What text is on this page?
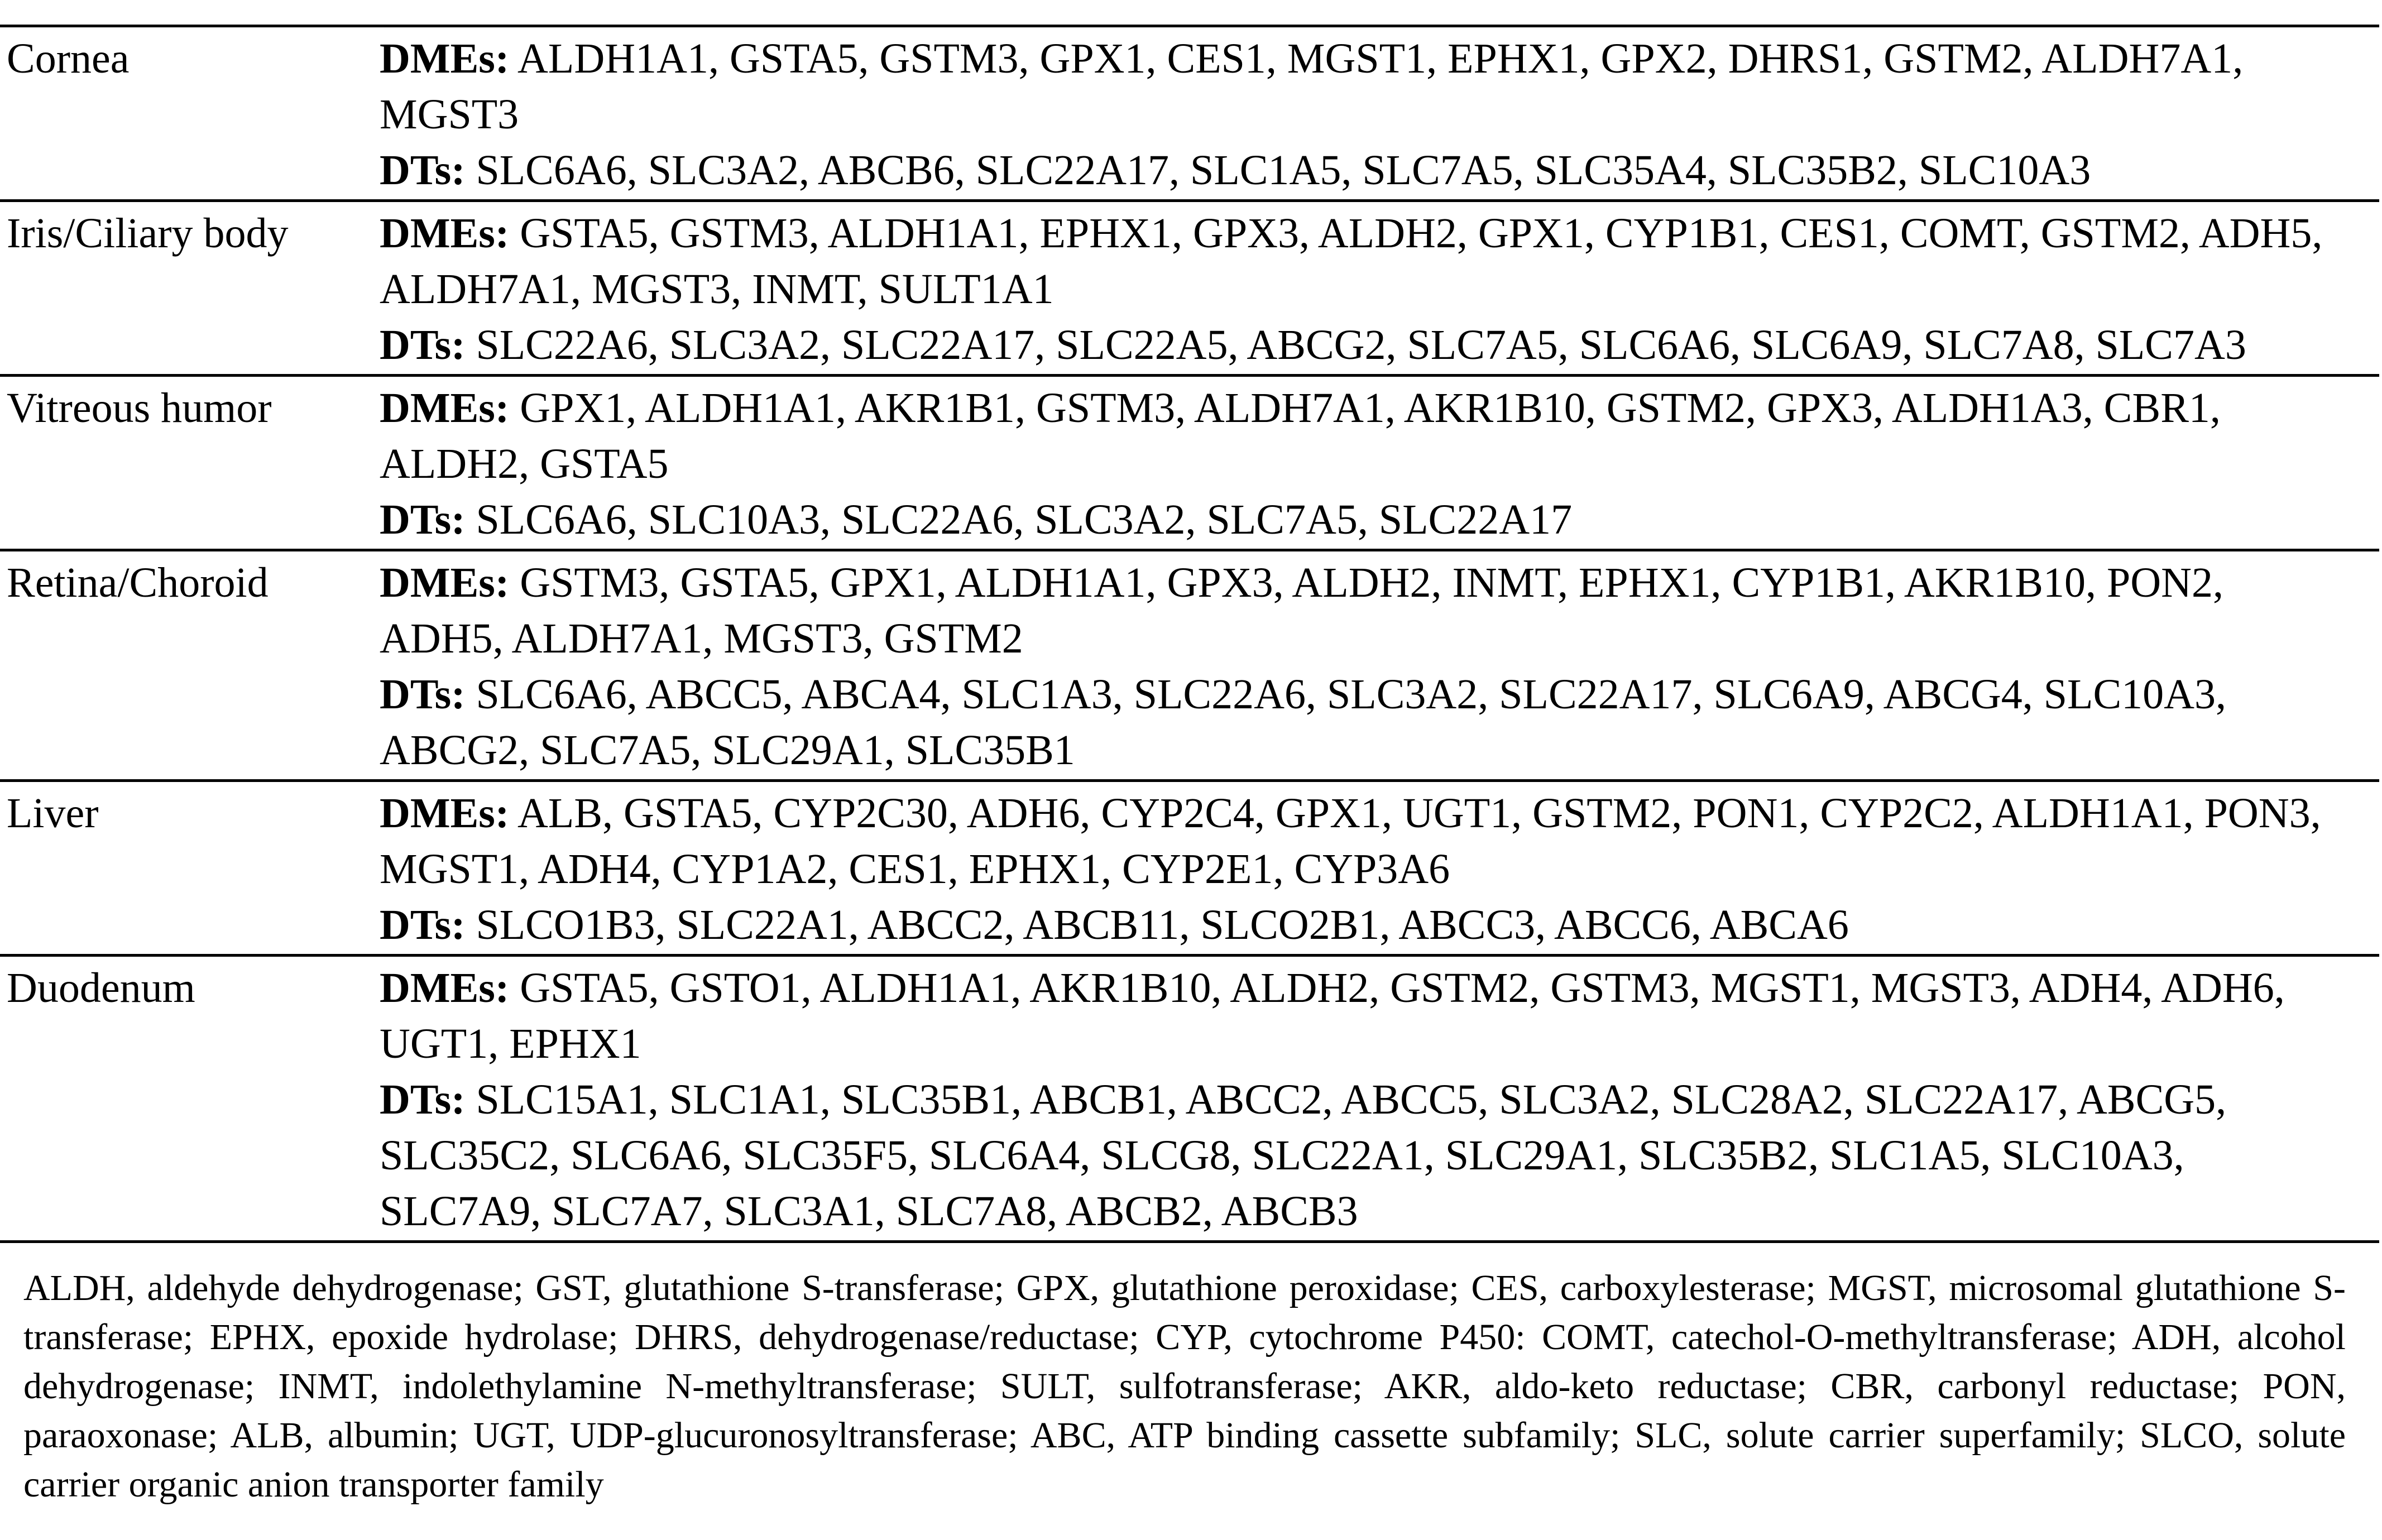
Cornea	DMEs: ALDH1A1, GSTA5, GSTM3, GPX1, CES1, MGST1, EPHX1, GPX2, DHRS1, GSTM2, ALDH7A1, MGST3
DTs: SLC6A6, SLC3A2, ABCB6, SLC22A17, SLC1A5, SLC7A5, SLC35A4, SLC35B2, SLC10A3
Iris/Ciliary body	DMEs: GSTA5, GSTM3, ALDH1A1, EPHX1, GPX3, ALDH2, GPX1, CYP1B1, CES1, COMT, GSTM2, ADH5, ALDH7A1, MGST3, INMT, SULT1A1
DTs: SLC22A6, SLC3A2, SLC22A17, SLC22A5, ABCG2, SLC7A5, SLC6A6, SLC6A9, SLC7A8, SLC7A3
Vitreous humor	DMEs: GPX1, ALDH1A1, AKR1B1, GSTM3, ALDH7A1, AKR1B10, GSTM2, GPX3, ALDH1A3, CBR1, ALDH2, GSTA5
DTs: SLC6A6, SLC10A3, SLC22A6, SLC3A2, SLC7A5, SLC22A17
Retina/Choroid	DMEs: GSTM3, GSTA5, GPX1, ALDH1A1, GPX3, ALDH2, INMT, EPHX1, CYP1B1, AKR1B10, PON2, ADH5, ALDH7A1, MGST3, GSTM2
DTs: SLC6A6, ABCC5, ABCA4, SLC1A3, SLC22A6, SLC3A2, SLC22A17, SLC6A9, ABCG4, SLC10A3, ABCG2, SLC7A5, SLC29A1, SLC35B1
Liver	DMEs: ALB, GSTA5, CYP2C30, ADH6, CYP2C4, GPX1, UGT1, GSTM2, PON1, CYP2C2, ALDH1A1, PON3, MGST1, ADH4, CYP1A2, CES1, EPHX1, CYP2E1, CYP3A6
DTs: SLCO1B3, SLC22A1, ABCC2, ABCB11, SLCO2B1, ABCC3, ABCC6, ABCA6
Duodenum	DMEs: GSTA5, GSTO1, ALDH1A1, AKR1B10, ALDH2, GSTM2, GSTM3, MGST1, MGST3, ADH4, ADH6, UGT1, EPHX1
DTs: SLC15A1, SLC1A1, SLC35B1, ABCB1, ABCC2, ABCC5, SLC3A2, SLC28A2, SLC22A17, ABCG5, SLC35C2, SLC6A6, SLC35F5, SLC6A4, SLCG8, SLC22A1, SLC29A1, SLC35B2, SLC1A5, SLC10A3, SLC7A9, SLC7A7, SLC3A1, SLC7A8, ABCB2, ABCB3
ALDH, aldehyde dehydrogenase; GST, glutathione S-transferase; GPX, glutathione peroxidase; CES, carboxylesterase; MGST, microsomal glutathione S-transferase; EPHX, epoxide hydrolase; DHRS, dehydrogenase/reductase; CYP, cytochrome P450: COMT, catechol-O-methyltransferase; ADH, alcohol dehydrogenase; INMT, indolethylamine N-methyltransferase; SULT, sulfotransferase; AKR, aldo-keto reductase; CBR, carbonyl reductase; PON, paraoxonase; ALB, albumin; UGT, UDP-glucuronosyltransferase; ABC, ATP binding cassette subfamily; SLC, solute carrier superfamily; SLCO, solute carrier organic anion transporter family
